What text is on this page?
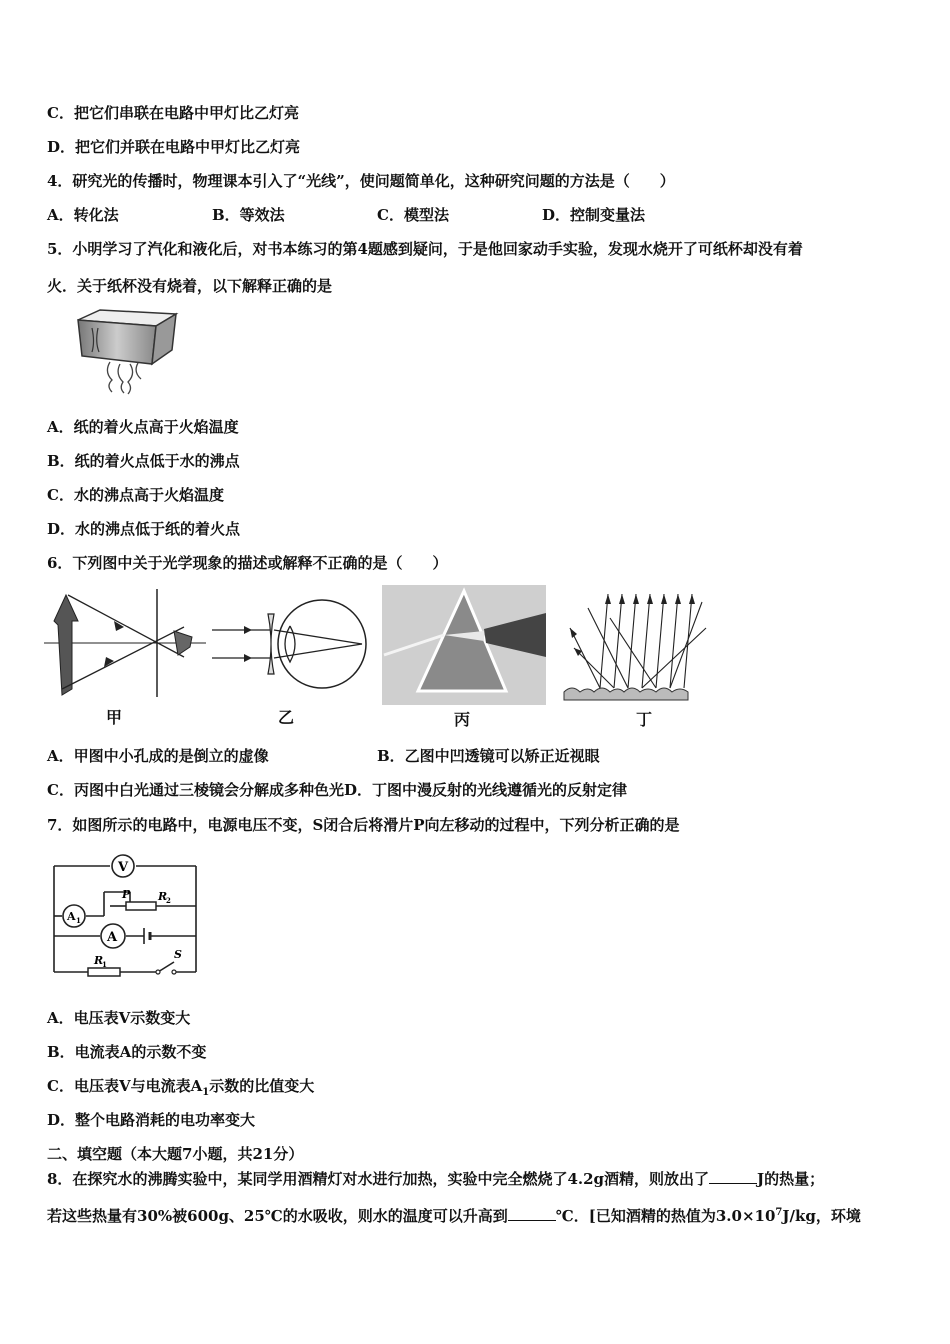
C．把它们串联在电路中甲灯比乙灯亮
D．把它们并联在电路中甲灯比乙灯亮
4．研究光的传播时，物理课本引入了“光线”，使问题简单化，这种研究问题的方法是（　　）
A．转化法	B．等效法	C．模型法	D．控制变量法
5．小明学习了汽化和液化后，对书本练习的第4题感到疑问，于是他回家动手实验，发现水烧开了可纸杯却没有着
火．关于纸杯没有烧着，以下解释正确的是
A．纸的着火点高于火焰温度
B．纸的着火点低于水的沸点
C．水的沸点高于火焰温度
D．水的沸点低于纸的着火点
6．下列图中关于光学现象的描述或解释不正确的是（　　）
甲	乙	丙	丁
A．甲图中小孔成的是倒立的虚像	B．乙图中凹透镜可以矫正近视眼
C．丙图中白光通过三棱镜会分解成多种色光D．丁图中漫反射的光线遵循光的反射定律
7．如图所示的电路中，电源电压不变，S闭合后将滑片P向左移动的过程中，下列分析正确的是
V
A 1
A
P	R
2
R
1
S
A．电压表V示数变大
B．电流表A的示数不变
C．电压表V与电流表$A_1$示数的比值变大
D．整个电路消耗的电功率变大
二、填空题（本大题7小题，共21分）
8．在探究水的沸腾实验中，某同学用酒精灯对水进行加热，实验中完全燃烧了4.2g酒精，则放出了	J的热量；
若这些热量有30%被600g、25℃的水吸收，则水的温度可以升高到	℃．[已知酒精的热值为$3.0\times 10^7J/kg$，环境
